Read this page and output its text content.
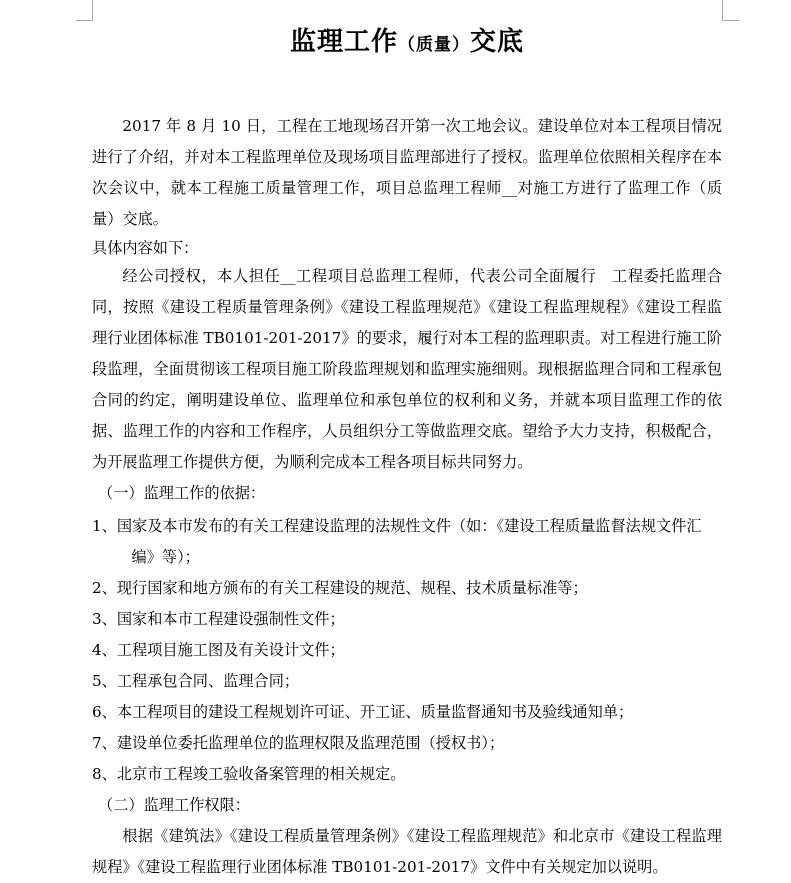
监理工作（质量）交底

2017 年 8 月 10 日，工程在工地现场召开第一次工地会议。建设单位对本工程项目情况进行了介绍，并对本工程监理单位及现场项目监理部进行了授权。监理单位依照相关程序在本次会议中，就本工程施工质量管理工作，项目总监理工程师__对施工方进行了监理工作（质量）交底。

具体内容如下：

经公司授权，本人担任__工程项目总监理工程师，代表公司全面履行　工程委托监理合同，按照《建设工程质量管理条例》《建设工程监理规范》《建设工程监理规程》《建设工程监理行业团体标准 TB0101-201-2017》的要求，履行对本工程的监理职责。对工程进行施工阶段监理，全面贯彻该工程项目施工阶段监理规划和监理实施细则。现根据监理合同和工程承包合同的约定，阐明建设单位、监理单位和承包单位的权利和义务，并就本项目监理工作的依据、监理工作的内容和工作程序，人员组织分工等做监理交底。望给予大力支持，积极配合，为开展监理工作提供方便，为顺利完成本工程各项目标共同努力。

（一）监理工作的依据：

1、国家及本市发布的有关工程建设监理的法规性文件（如：《建设工程质量监督法规文件汇编》等）；

2、现行国家和地方颁布的有关工程建设的规范、规程、技术质量标准等；

3、国家和本市工程建设强制性文件；

4、工程项目施工图及有关设计文件；

5、工程承包合同、监理合同；

6、本工程项目的建设工程规划许可证、开工证、质量监督通知书及验线通知单；

7、建设单位委托监理单位的监理权限及监理范围（授权书）；

8、北京市工程竣工验收备案管理的相关规定。

（二）监理工作权限：

根据《建筑法》《建设工程质量管理条例》《建设工程监理规范》和北京市《建设工程监理规程》《建设工程监理行业团体标准 TB0101-201-2017》文件中有关规定加以说明。
